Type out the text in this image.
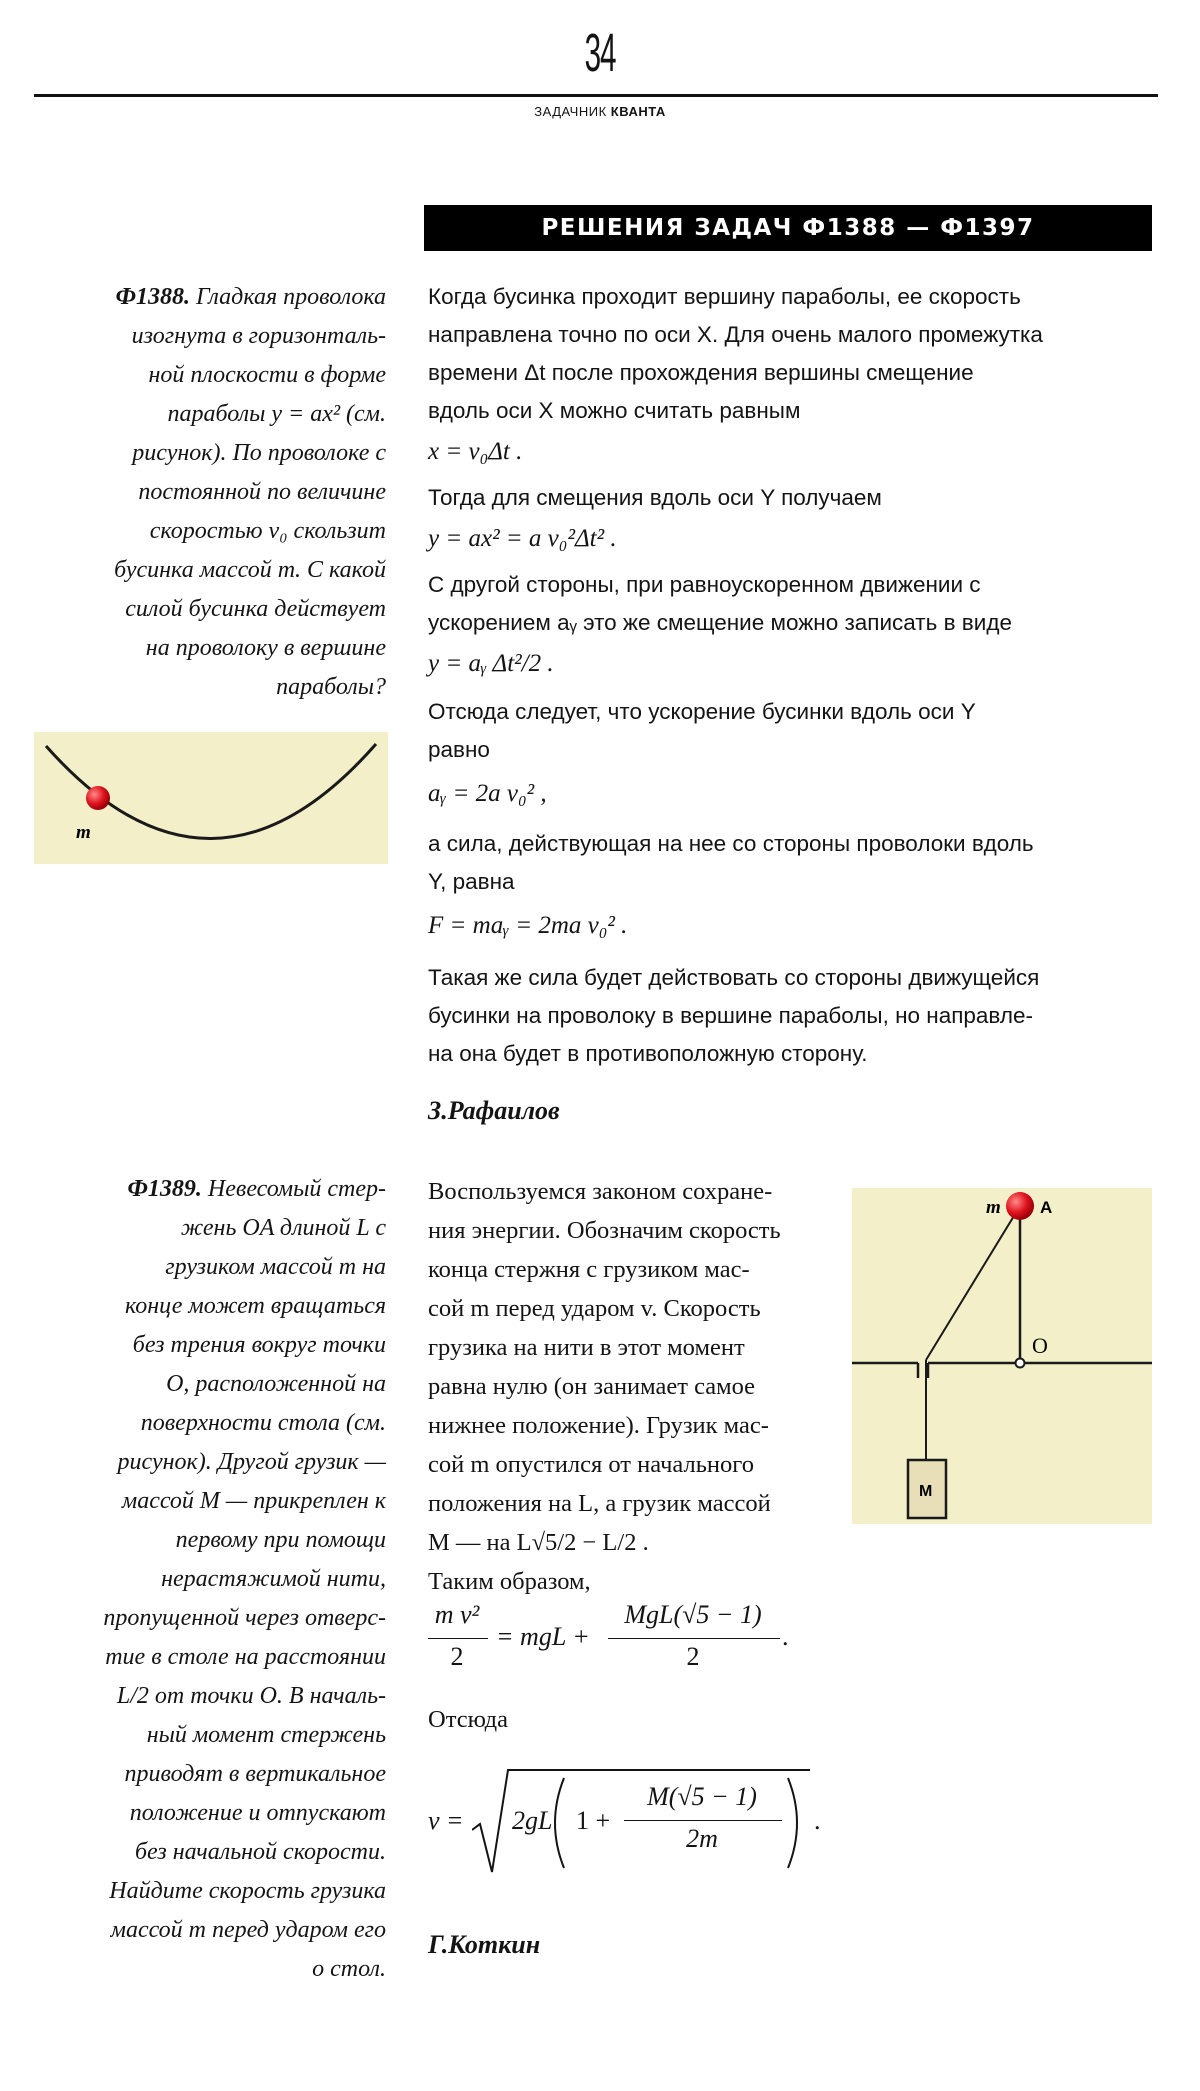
34
ЗАДАЧНИК КВАНТА
РЕШЕНИЯ ЗАДАЧ Ф1388 — Ф1397
Ф1388. Гладкая проволока
изогнута в горизонталь-
ной плоскости в форме
параболы y = ax² (см.
рисунок). По проволоке с
постоянной по величине
скоростью v₀ скользит
бусинка массой m. С какой
силой бусинка действует
на проволоку в вершине
параболы?
m
Когда бусинка проходит вершину параболы, ее скорость
направлена точно по оси X. Для очень малого промежутка
времени Δt после прохождения вершины смещение
вдоль оси X можно считать равным
x = v₀Δt .
Тогда для смещения вдоль оси Y получаем
y = ax² = a v₀²Δt² .
С другой стороны, при равноускоренном движении с
ускорением aᵧ это же смещение можно записать в виде
y = aᵧ Δt²/2 .
Отсюда следует, что ускорение бусинки вдоль оси Y
равно
aᵧ = 2a v₀² ,
а сила, действующая на нее со стороны проволоки вдоль
Y, равна
F = maᵧ = 2ma v₀² .
Такая же сила будет действовать со стороны движущейся
бусинки на проволоку в вершине параболы, но направле-
на она будет в противоположную сторону.
З.Рафаилов
Ф1389. Невесомый стер-
жень OA длиной L с
грузиком массой m на
конце может вращаться
без трения вокруг точки
O, расположенной на
поверхности стола (см.
рисунок). Другой грузик —
массой M — прикреплен к
первому при помощи
нерастяжимой нити,
пропущенной через отверс-
тие в столе на расстоянии
L/2 от точки O. В началь-
ный момент стержень
приводят в вертикальное
положение и отпускают
без начальной скорости.
Найдите скорость грузика
массой m перед ударом его
о стол.
m A
O
M
Воспользуемся законом сохране-
ния энергии. Обозначим скорость
конца стержня с грузиком мас-
сой m перед ударом v. Скорость
грузика на нити в этот момент
равна нулю (он занимает самое
нижнее положение). Грузик мас-
сой m опустился от начального
положения на L, а грузик массой
M — на L√5/2 − L/2 .
Таким образом,
m v²
2
= mgL +
MgL(√5 − 1)
2
.
Отсюда
v = 2gL 1 +
M(√5 − 1)
2m
.
Г.Коткин
